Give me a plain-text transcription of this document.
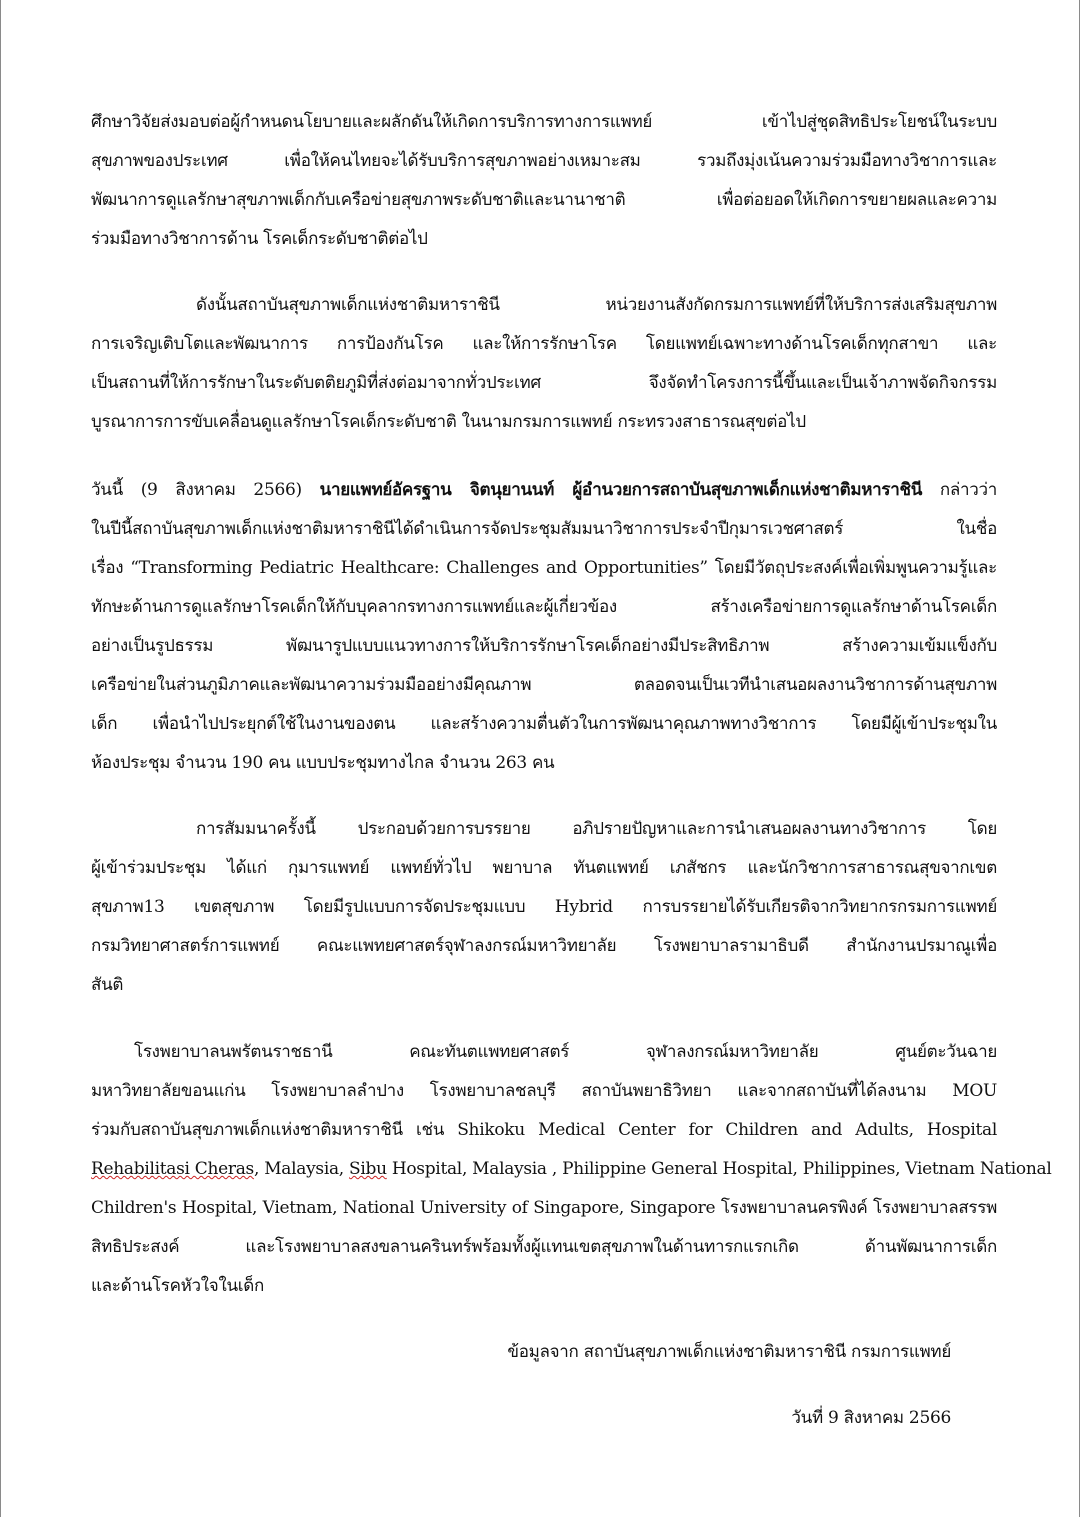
ศึกษาวิจัยส่งมอบต่อผู้กำหนดนโยบายและผลักดันให้เกิดการบริการทางการแพทย์ เข้าไปสู่ชุดสิทธิประโยชน์ในระบบ
สุขภาพของประเทศ เพื่อให้คนไทยจะได้รับบริการสุขภาพอย่างเหมาะสม รวมถึงมุ่งเน้นความร่วมมือทางวิชาการและ
พัฒนาการดูแลรักษาสุขภาพเด็กกับเครือข่ายสุขภาพระดับชาติและนานาชาติ เพื่อต่อยอดให้เกิดการขยายผลและความ
ร่วมมือทางวิชาการด้าน โรคเด็กระดับชาติต่อไป
ดังนั้นสถาบันสุขภาพเด็กแห่งชาติมหาราชินี หน่วยงานสังกัดกรมการแพทย์ที่ให้บริการส่งเสริมสุขภาพ
การเจริญเติบโตและพัฒนาการ การป้องกันโรค และให้การรักษาโรค โดยแพทย์เฉพาะทางด้านโรคเด็กทุกสาขา และ
เป็นสถานที่ให้การรักษาในระดับตติยภูมิที่ส่งต่อมาจากทั่วประเทศ จึงจัดทำโครงการนี้ขึ้นและเป็นเจ้าภาพจัดกิจกรรม
บูรณาการการขับเคลื่อนดูแลรักษาโรคเด็กระดับชาติ ในนามกรมการแพทย์ กระทรวงสาธารณสุขต่อไป
วันนี้ (9 สิงหาคม 2566) นายแพทย์อัครฐาน จิตนุยานนท์ ผู้อำนวยการสถาบันสุขภาพเด็กแห่งชาติมหาราชินี กล่าวว่า
ในปีนี้สถาบันสุขภาพเด็กแห่งชาติมหาราชินีได้ดำเนินการจัดประชุมสัมมนาวิชาการประจำปีกุมารเวชศาสตร์ ในชื่อ
เรื่อง “Transforming Pediatric Healthcare: Challenges and Opportunities” โดยมีวัตถุประสงค์เพื่อเพิ่มพูนความรู้และ
ทักษะด้านการดูแลรักษาโรคเด็กให้กับบุคลากรทางการแพทย์และผู้เกี่ยวข้อง สร้างเครือข่ายการดูแลรักษาด้านโรคเด็ก
อย่างเป็นรูปธรรม พัฒนารูปแบบแนวทางการให้บริการรักษาโรคเด็กอย่างมีประสิทธิภาพ สร้างความเข้มแข็งกับ
เครือข่ายในส่วนภูมิภาคและพัฒนาความร่วมมืออย่างมีคุณภาพ ตลอดจนเป็นเวทีนำเสนอผลงานวิชาการด้านสุขภาพ
เด็ก เพื่อนำไปประยุกต์ใช้ในงานของตน และสร้างความตื่นตัวในการพัฒนาคุณภาพทางวิชาการ โดยมีผู้เข้าประชุมใน
ห้องประชุม จำนวน 190 คน แบบประชุมทางไกล จำนวน 263 คน
การสัมมนาครั้งนี้ ประกอบด้วยการบรรยาย อภิปรายปัญหาและการนำเสนอผลงานทางวิชาการ โดย
ผู้เข้าร่วมประชุม ได้แก่ กุมารแพทย์ แพทย์ทั่วไป พยาบาล ทันตแพทย์ เภสัชกร และนักวิชาการสาธารณสุขจากเขต
สุขภาพ13 เขตสุขภาพ โดยมีรูปแบบการจัดประชุมแบบ Hybrid การบรรยายได้รับเกียรติจากวิทยากรกรมการแพทย์
กรมวิทยาศาสตร์การแพทย์ คณะแพทยศาสตร์จุฬาลงกรณ์มหาวิทยาลัย โรงพยาบาลรามาธิบดี สำนักงานปรมาณูเพื่อ
สันติ
โรงพยาบาลนพรัตนราชธานี คณะทันตแพทยศาสตร์ จุฬาลงกรณ์มหาวิทยาลัย ศูนย์ตะวันฉาย
มหาวิทยาลัยขอนแก่น โรงพยาบาลลำปาง โรงพยาบาลชลบุรี สถาบันพยาธิวิทยา และจากสถาบันที่ได้ลงนาม MOU
ร่วมกับสถาบันสุขภาพเด็กแห่งชาติมหาราชินี เช่น Shikoku Medical Center for Children and Adults, Hospital
Rehabilitasi Cheras, Malaysia, Sibu Hospital, Malaysia , Philippine General Hospital, Philippines, Vietnam National
Children's Hospital, Vietnam, National University of Singapore, Singapore โรงพยาบาลนครพิงค์ โรงพยาบาลสรรพ
สิทธิประสงค์ และโรงพยาบาลสงขลานครินทร์พร้อมทั้งผู้แทนเขตสุขภาพในด้านทารกแรกเกิด ด้านพัฒนาการเด็ก
และด้านโรคหัวใจในเด็ก
ข้อมูลจาก สถาบันสุขภาพเด็กแห่งชาติมหาราชินี กรมการแพทย์
วันที่ 9 สิงหาคม 2566
